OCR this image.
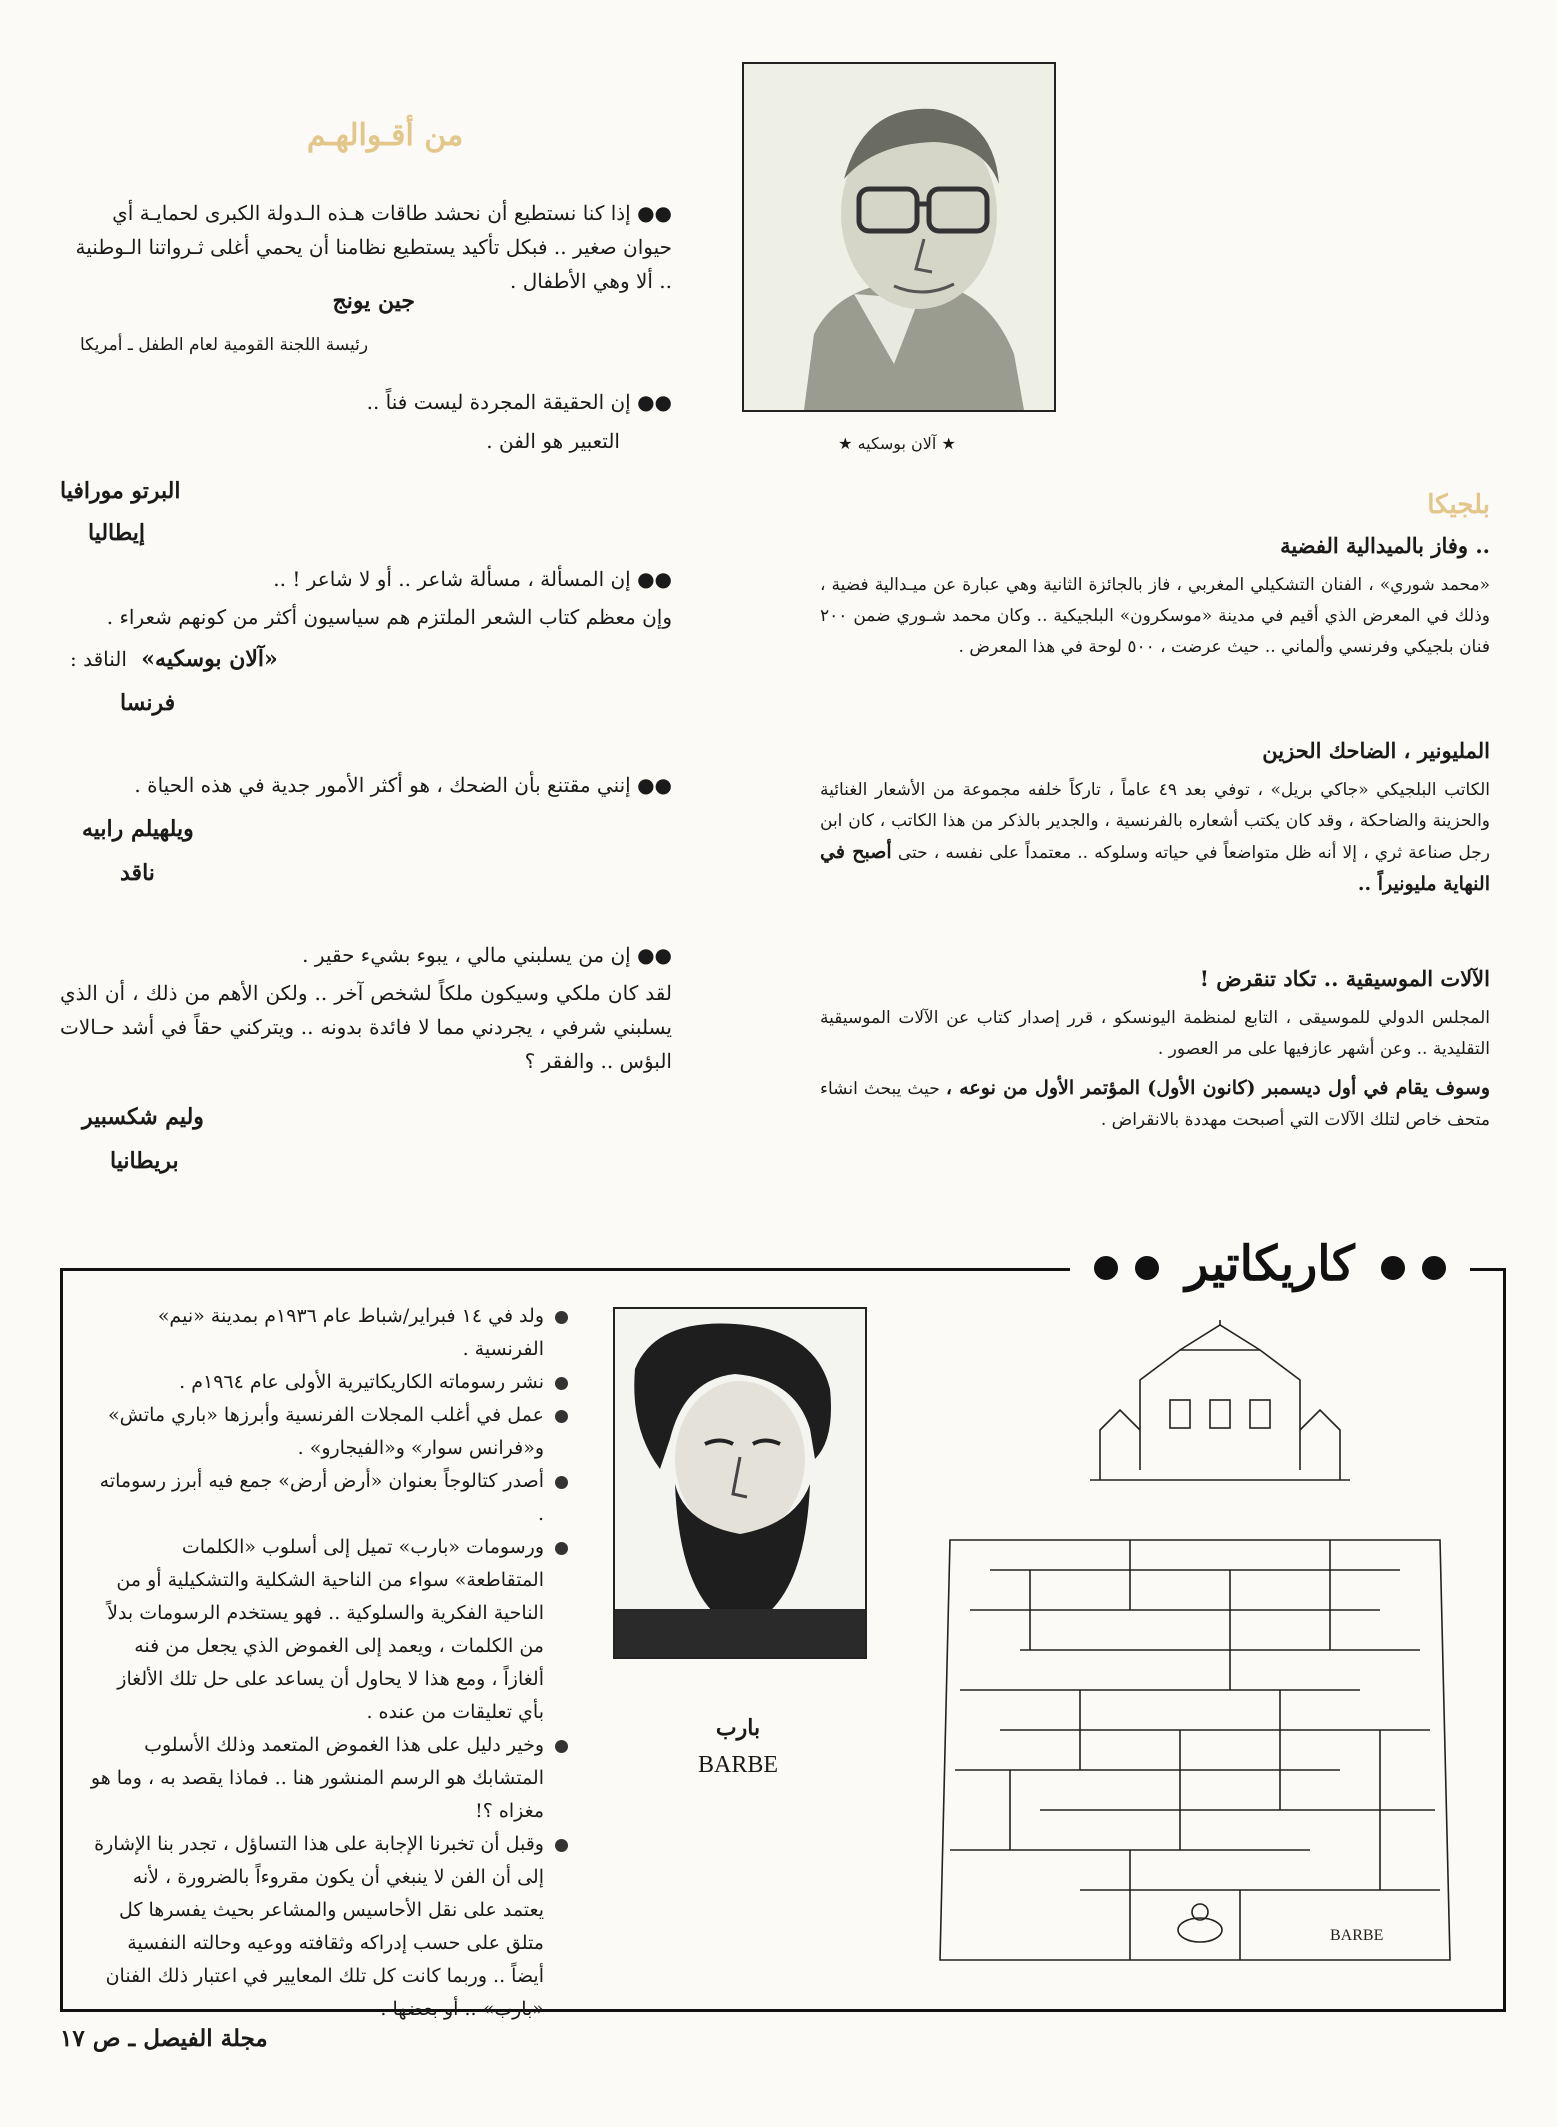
★ آلان بوسكيه ★
من أقـوالهـم

●● إذا كنا نستطيع أن نحشد طاقات هـذه الـدولة الكبرى لحمايـة أي حيوان صغير .. فبكل تأكيد يستطيع نظامنا أن يحمي أغلى ثـرواتنا الـوطنية .. ألا وهي الأطفال .

جين يونج
رئيسة اللجنة القومية لعام الطفل ـ أمريكا
●● إن الحقيقة المجردة ليست فناً ..
التعبير هو الفن .
البرتو مورافيا
إيطاليا
●● إن المسألة ، مسألة شاعر .. أو لا شاعر ! ..
وإن معظم كتاب الشعر الملتزم هم سياسيون أكثر من كونهم شعراء .
«آلان بوسكيه» الناقد :
فرنسا
●● إنني مقتنع بأن الضحك ، هو أكثر الأمور جدية في هذه الحياة .
ويلهيلم رابيه
ناقد
●● إن من يسلبني مالي ، يبوء بشيء حقير .
لقد كان ملكي وسيكون ملكاً لشخص آخر .. ولكن الأهم من ذلك ، أن الذي يسلبني شرفي ، يجردني مما لا فائدة بدونه .. ويتركني حقاً في أشد حـالات البؤس .. والفقر ؟
وليم شكسبير
بريطانيا
بلجيكا
.. وفاز بالميدالية الفضية
«محمد شوري» ، الفنان التشكيلي المغربي ، فاز بالجائزة الثانية وهي عبارة عن ميـدالية فضية ، وذلك في المعرض الذي أقيم في مدينة «موسكرون» البلجيكية .. وكان محمد شـوري ضمن ٢٠٠ فنان بلجيكي وفرنسي وألماني .. حيث عرضت ، ٥٠٠ لوحة في هذا المعرض .
المليونير ، الضاحك الحزين
الكاتب البلجيكي «جاكي بريل» ، توفي بعد ٤٩ عاماً ، تاركاً خلفه مجموعة من الأشعار الغنائية والحزينة والضاحكة ، وقد كان يكتب أشعاره بالفرنسية ، والجدير بالذكر من هذا الكاتب ، كان ابن رجل صناعة ثري ، إلا أنه ظل متواضعاً في حياته وسلوكه .. معتمداً على نفسه ، حتى أصبح في النهاية مليونيراً ..
الآلات الموسيقية .. تكاد تنقرض !
المجلس الدولي للموسيقى ، التابع لمنظمة اليونسكو ، قرر إصدار كتاب عن الآلات الموسيقية التقليدية .. وعن أشهر عازفيها على مر العصور .
وسوف يقام في أول ديسمبر (كانون الأول) المؤتمر الأول من نوعه ، حيث يبحث انشاء متحف خاص لتلك الآلات التي أصبحت مهددة بالانقراض .
كاريكاتير
ولد في ١٤ فبراير/شباط عام ١٩٣٦م بمدينة «نيم» الفرنسية .
نشر رسوماته الكاريكاتيرية الأولى عام ١٩٦٤م .
عمل في أغلب المجلات الفرنسية وأبرزها «باري ماتش» و«فرانس سوار» و«الفيجارو» .
أصدر كتالوجاً بعنوان «أرض أرض» جمع فيه أبرز رسوماته .
ورسومات «بارب» تميل إلى أسلوب «الكلمات المتقاطعة» سواء من الناحية الشكلية والتشكيلية أو من الناحية الفكرية والسلوكية .. فهو يستخدم الرسومات بدلاً من الكلمات ، ويعمد إلى الغموض الذي يجعل من فنه ألغازاً ، ومع هذا لا يحاول أن يساعد على حل تلك الألغاز بأي تعليقات من عنده .
وخير دليل على هذا الغموض المتعمد وذلك الأسلوب المتشابك هو الرسم المنشور هنا .. فماذا يقصد به ، وما هو مغزاه ؟!
وقبل أن تخبرنا الإجابة على هذا التساؤل ، تجدر بنا الإشارة إلى أن الفن لا ينبغي أن يكون مقروءاً بالضرورة ، لأنه يعتمد على نقل الأحاسيس والمشاعر بحيث يفسرها كل متلق على حسب إدراكه وثقافته ووعيه وحالته النفسية أيضاً .. وربما كانت كل تلك المعايير في اعتبار ذلك الفنان «بارب» .. أو بعضها .
بارب
BARBE
BARBE
مجلة الفيصل ـ ص ١٧
